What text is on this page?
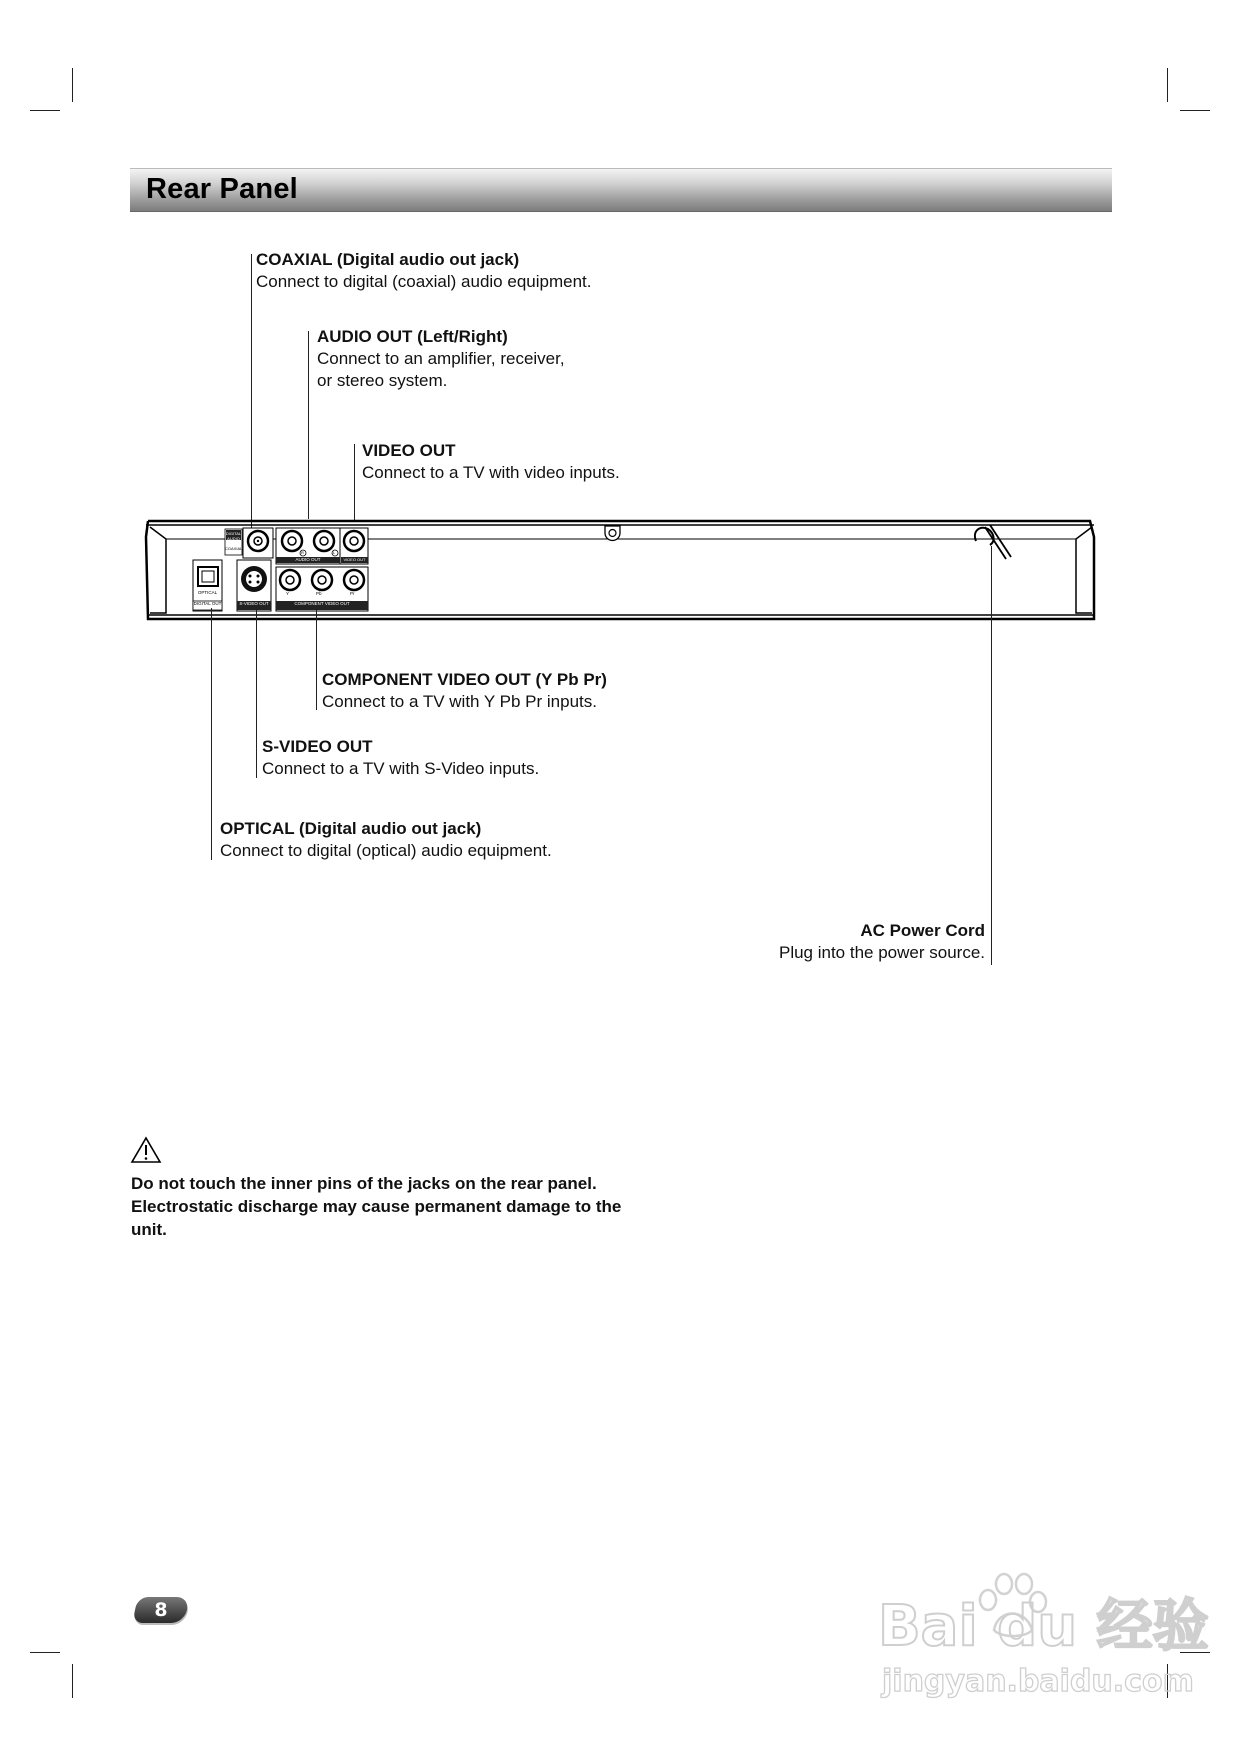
Rear Panel
COAXIAL (Digital audio out jack)
Connect to digital (coaxial) audio equipment.
AUDIO OUT (Left/Right)
Connect to an amplifier, receiver,
or stereo system.
VIDEO OUT
Connect to a TV with video inputs.
DIGITAL AUDIO OUT
COAXIAL
AUDIO OUT	VIDEO OUT
R	L
OPTICAL
DIGITAL OUT	S-VIDEO OUT
Y	Pb	Pr
COMPONENT VIDEO OUT
COMPONENT VIDEO OUT (Y Pb Pr)
Connect to a TV with Y Pb Pr inputs.
S-VIDEO OUT
Connect to a TV with S-Video inputs.
OPTICAL (Digital audio out jack)
Connect to digital (optical) audio equipment.
AC Power Cord
Plug into the power source.
Do not touch the inner pins of the jacks on the rear panel. Electrostatic discharge may cause permanent damage to the unit.
8	Bai du 经验
jingyan.baidu.com
